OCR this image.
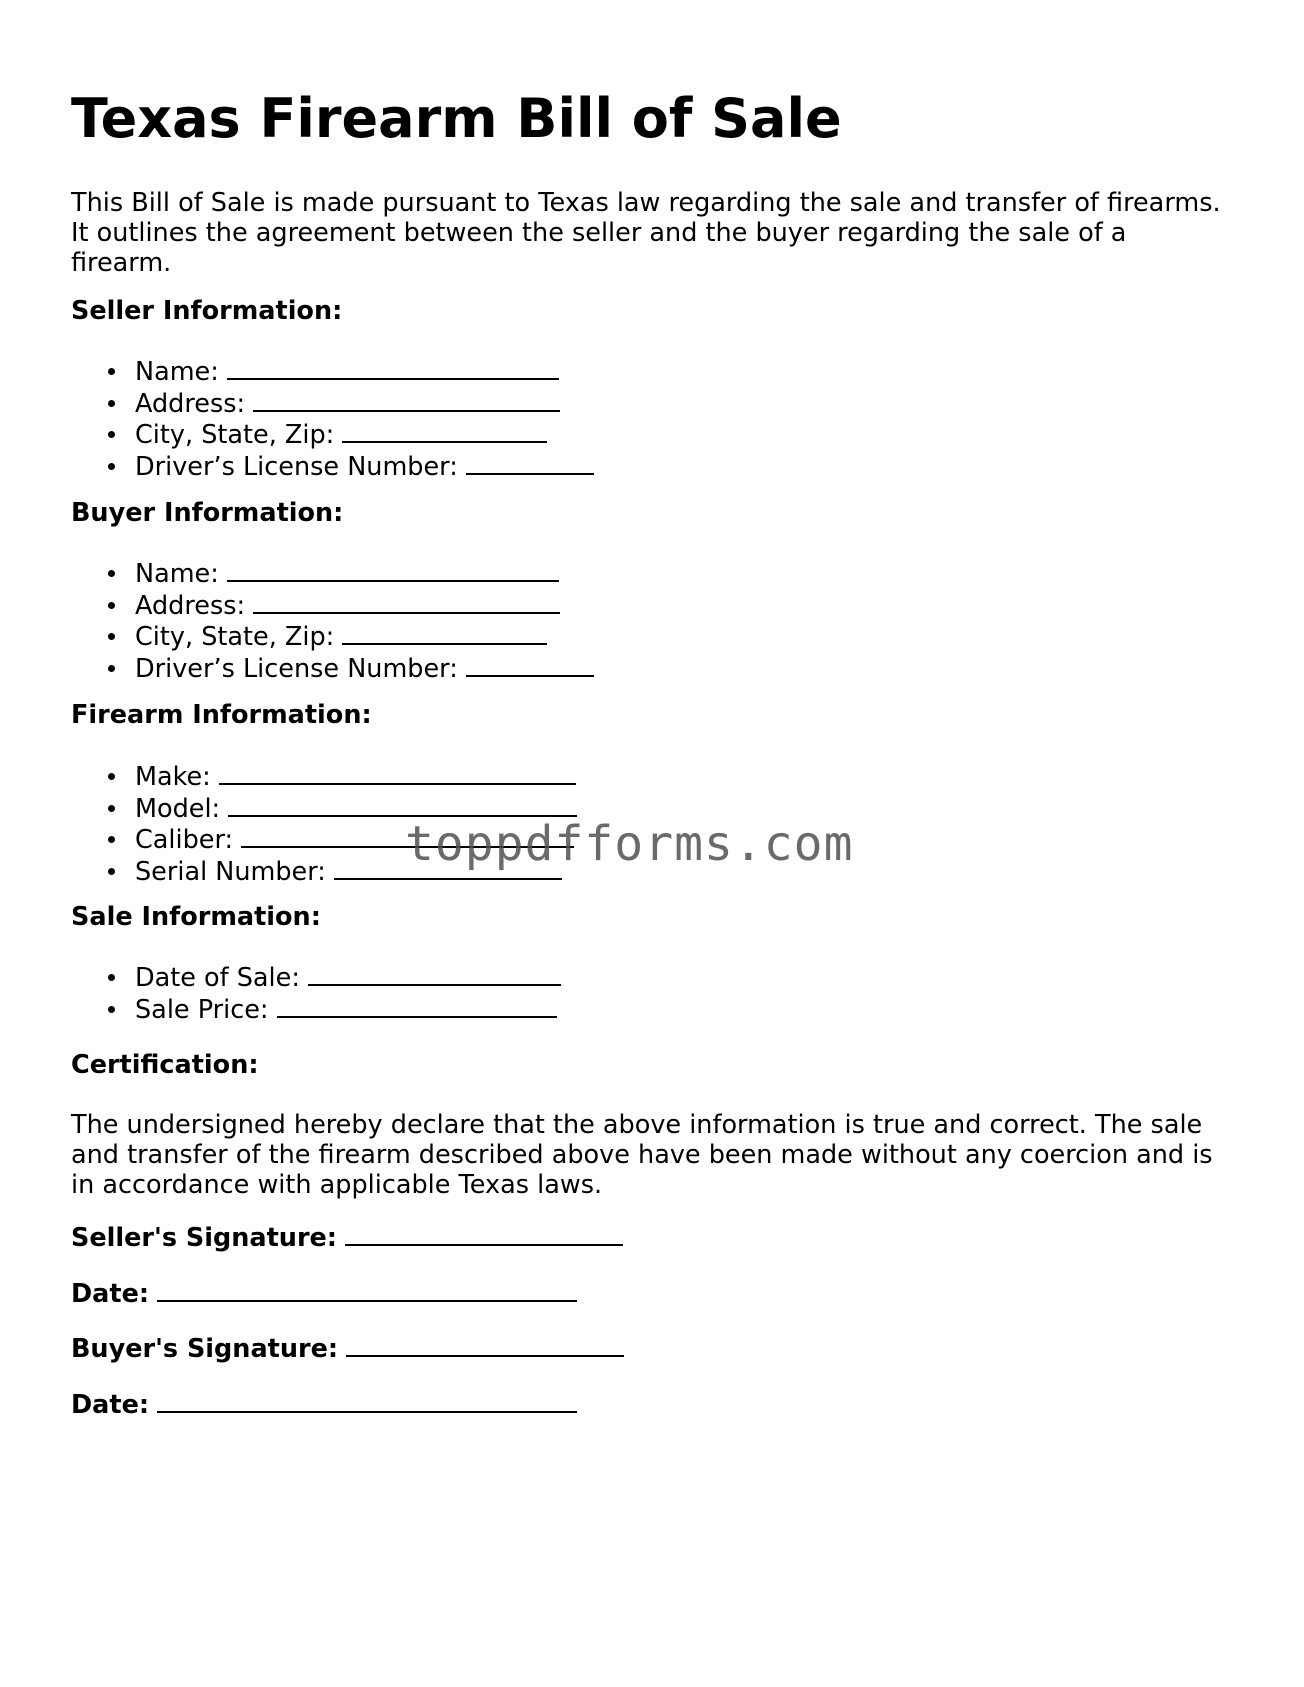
Texas Firearm Bill of Sale

This Bill of Sale is made pursuant to Texas law regarding the sale and transfer of firearms. It outlines the agreement between the seller and the buyer regarding the sale of a firearm.

Seller Information:

Name:
Address:
City, State, Zip:
Driver’s License Number:

Buyer Information:

Name:
Address:
City, State, Zip:
Driver’s License Number:

Firearm Information:

Make:
Model:
Caliber:
Serial Number:

Sale Information:

Date of Sale:
Sale Price:

Certification:

The undersigned hereby declare that the above information is true and correct. The sale and transfer of the firearm described above have been made without any coercion and is in accordance with applicable Texas laws.

Seller's Signature:

Date:

Buyer's Signature:

Date:

toppdfforms.com
